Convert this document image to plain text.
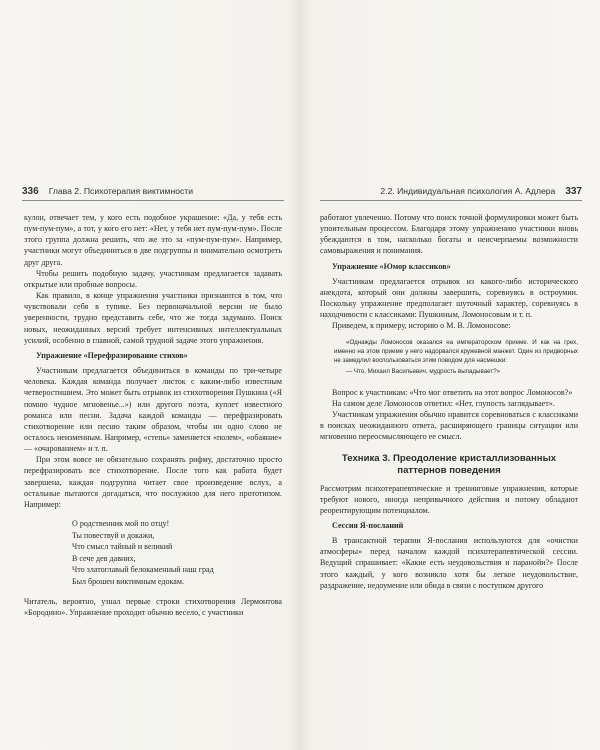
336 Глава 2. Психотерапия виктимности

кулон, отвечает тем, у кого есть подобное украшение: «Да, у тебя есть пум-пум-пум», а тот, у кого его нет: «Нет, у тебя нет пум-пум-пум». После этого группа должна решить, что же это за «пум-пум-пум». Например, участники могут объединиться в две подгруппы и внимательно осмотреть друг друга.

Чтобы решить подобную задачу, участникам предлагается задавать открытые или пробные вопросы.

Как правило, в конце упражнения участники признаются в том, что чувствовали себя в тупике. Без первоначальной версии не было уверенности, трудно представить себе, что же тогда задумано. Поиск новых, неожиданных версий требует интенсивных интеллектуальных усилий, особенно в главной, самой трудной задаче этого упражнения.

Упражнение «Перефразирование стихов»

Участникам предлагается объединиться в команды по три-четыре человека. Каждая команда получает листок с каким-либо известным четверостишием. Это может быть отрывок из стихотворения Пушкина («Я помню чудное мгновенье...») или другого поэта, куплет известного романса или песни. Задача каждой команды — перефразировать стихотворение или песню таким образом, чтобы ни одно слово не осталось неизменным. Например, «степь» заменяется «полем», «обаяние» — «очарованием» и т. п.

При этом вовсе не обязательно сохранять рифму, достаточно просто перефразировать все стихотворение. После того как работа будет завершена, каждая подгруппа читает свое произведение вслух, а остальные пытаются догадаться, что послужило для него прототипом. Например:

О родственник мой по отцу!
Ты повествуй и докажи,
Что смысл тайный и великий
В сече дев давних,
Что златоглавый белокаменный наш град
Был брошен виктимным едокам.

Читатель, вероятно, узнал первые строки стихотворения Лермонтова «Бородино». Упражнение проходит обычно весело, с участники

2.2. Индивидуальная психология А. Адлера 337

работают увлеченно. Потому что поиск точной формулировки может быть упоительным процессом. Благодаря этому упражнению участники вновь убеждаются в том, насколько богаты и неисчерпаемы возможности самовыражения и понимания.

Упражнение «Юмор классиков»

Участникам предлагается отрывок из какого-либо исторического анекдота, который они должны завершить, соревнуясь в остроумии. Поскольку упражнение предполагает шуточный характер, соревнуясь в находчивости с классиками: Пушкиным, Ломоносовым и т. п.

Приведем, к примеру, историю о М. В. Ломоносове:

«Однажды Ломоносов оказался на императорском приеме. И как на грех, именно на этом приеме у него надорвался кружевной манжет. Один из придворных не замедлил воспользоваться этим поводом для насмешки:

— Что, Михаил Васильевич, мудрость выпадывает?»

Вопрос к участникам: «Что мог ответить на этот вопрос Ломоносов?»

На самом деле Ломоносов ответил: «Нет, глупость заглядывает».

Участникам упражнения обычно нравится соревноваться с классиками в поисках неожиданного ответа, расширяющего границы ситуации или мгновенно переосмысляющего ее смысл.

Техника 3. Преодоление кристаллизованных
паттернов поведения

Рассмотрим психотерапевтические и тренинговые упражнения, которые требуют нового, иногда непривычного действия и потому обладают реорентирующим потенциалом.

Сессия Я-посланий

В трансактной терапии Я-послания используются для «очистки атмосферы» перед началом каждой психотерапевтической сессии. Ведущий спрашивает: «Какие есть неудовольствия и паранойи?» После этого каждый, у кого возникло хотя бы легкое неудовольствие, раздражение, недоумение или обида в связи с поступком другого
